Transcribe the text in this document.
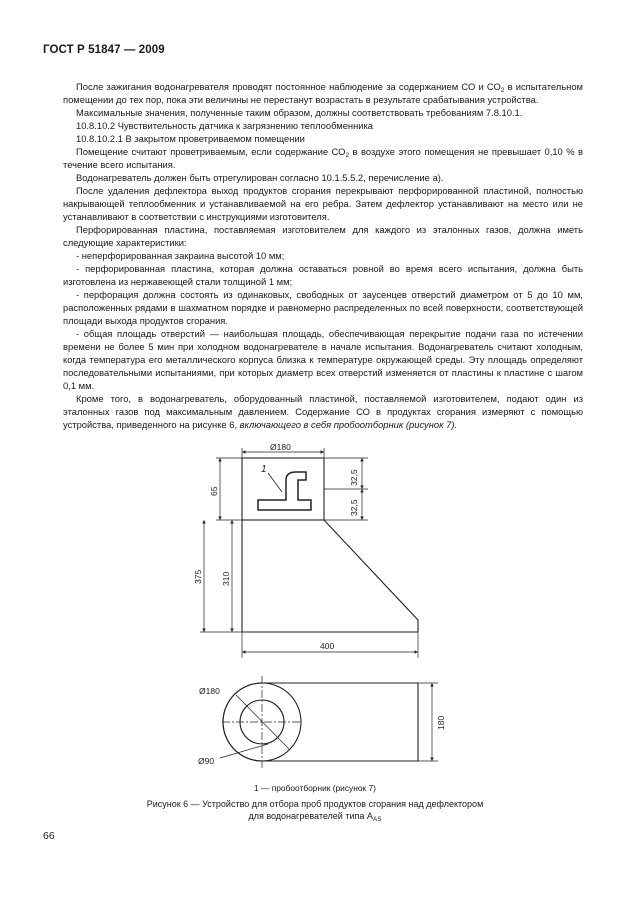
ГОСТ Р 51847 — 2009

После зажигания водонагревателя проводят постоянное наблюдение за содержанием СО и $СО_2$ в испытательном помещении до тех пор, пока эти величины не перестанут возрастать в результате срабатывания устройства.

Максимальные значения, полученные таким образом, должны соответствовать требованиям 7.8.10.1.

10.8.10.2 Чувствительность датчика к загрязнению теплообменника

10.8.10.2.1 В закрытом проветриваемом помещении

Помещение считают проветриваемым, если содержание $СО_2$ в воздухе этого помещения не превышает 0,10 % в течение всего испытания.

Водонагреватель должен быть отрегулирован согласно 10.1.5.5.2, перечисление а).

После удаления дефлектора выход продуктов сгорания перекрывают перфорированной пластиной, полностью накрывающей теплообменник и устанавливаемой на его ребра. Затем дефлектор устанавливают на место или не устанавливают в соответствии с инструкциями изготовителя.

Перфорированная пластина, поставляемая изготовителем для каждого из эталонных газов, должна иметь следующие характеристики:

- неперфорированная закраина высотой 10 мм;

- перфорированная пластина, которая должна оставаться ровной во время всего испытания, должна быть изготовлена из нержавеющей стали толщиной 1 мм;

- перфорация должна состоять из одинаковых, свободных от заусенцев отверстий диаметром от 5 до 10 мм, расположенных рядами в шахматном порядке и равномерно распределенных по всей поверхности, соответствующей площади выхода продуктов сгорания.

- общая площадь отверстий — наибольшая площадь, обеспечивающая перекрытие подачи газа по истечении времени не более 5 мин при холодном водонагревателе в начале испытания. Водонагреватель считают холодным, когда температура его металлического корпуса близка к температуре окружающей среды. Эту площадь определяют последовательными испытаниями, при которых диаметр всех отверстий изменяется от пластины к пластине с шагом 0,1 мм.

Кроме того, в водонагреватель, оборудованный пластиной, поставляемой изготовителем, подают один из эталонных газов под максимальным давлением. Содержание СО в продуктах сгорания измеряют с помощью устройства, приведенного на рисунке 6, включающего в себя пробоотборник (рисунок 7).

Ø180
32,5
32,5
65
375 310
400
1
Ø180
Ø90
180
1 — пробоотборник (рисунок 7)
Рисунок 6 — Устройство для отбора проб продуктов сгорания над дефлектором
для водонагревателей типа $A_{AS}$
66
